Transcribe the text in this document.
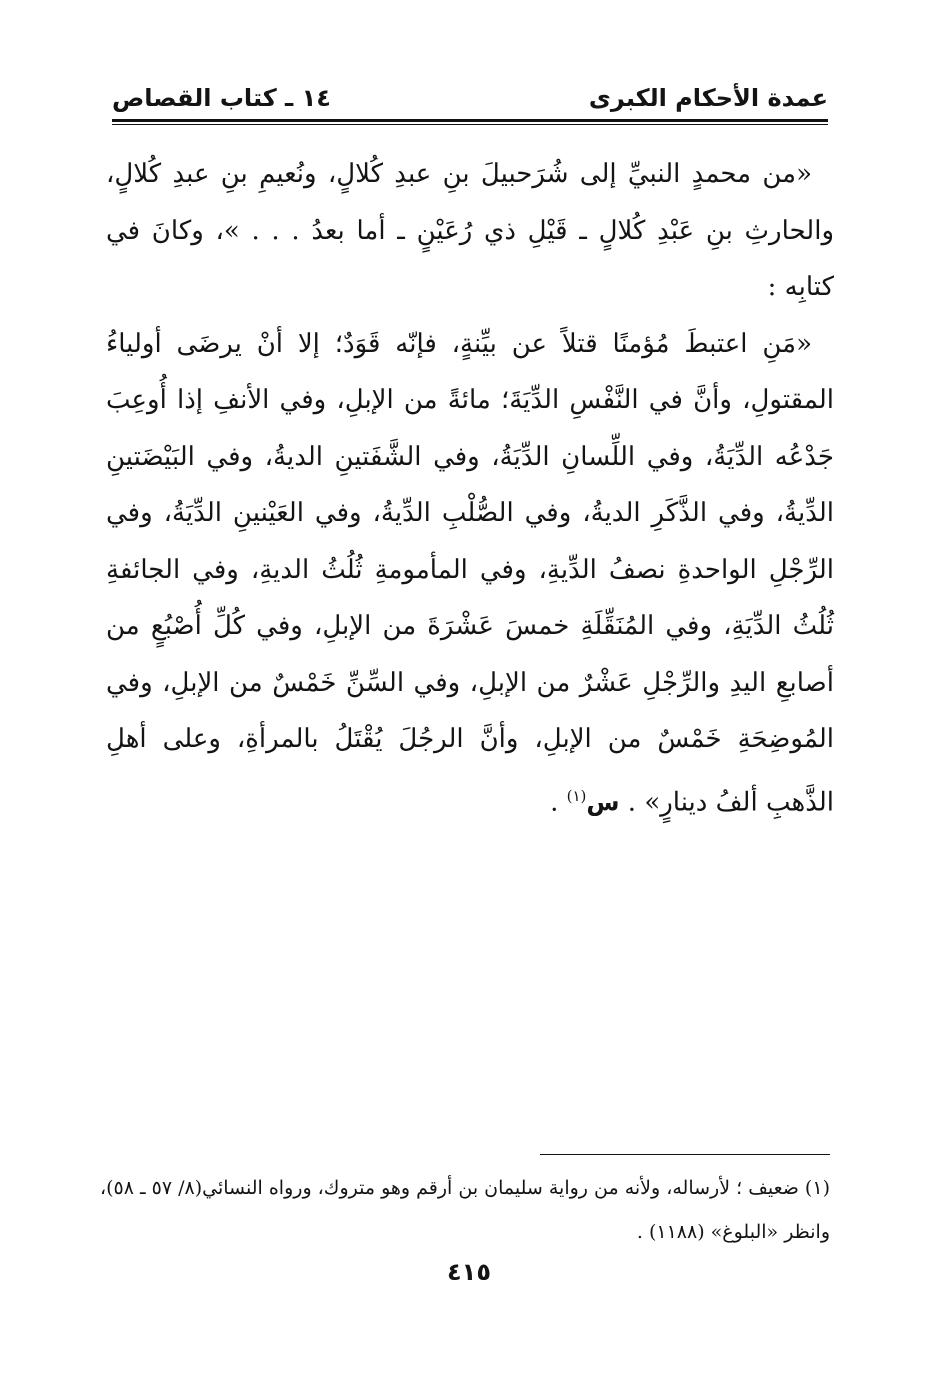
عمدة الأحكام الكبرى
١٤ ـ كتاب القصاص

«من محمدٍ النبيِّ إلى شُرَحبيلَ بنِ عبدِ كُلالٍ، ونُعيمِ بنِ عبدِ كُلالٍ، والحارثِ بنِ عَبْدِ كُلالٍ ـ قَيْلِ ذي رُعَيْنٍ ـ أما بعدُ . . . »، وكانَ في كتابِه :

«مَنِ اعتبطَ مُؤمنًا قتلاً عن بيِّنةٍ، فإنّه قَوَدٌ؛ إلا أنْ يرضَى أولياءُ المقتولِ، وأنَّ في النَّفْسِ الدِّيَةَ؛ مائةً من الإبلِ، وفي الأنفِ إذا أُوعِبَ جَدْعُه الدِّيَةُ، وفي اللِّسانِ الدِّيَةُ، وفي الشَّفَتينِ الديةُ، وفي البَيْضَتينِ الدِّيةُ، وفي الذَّكَرِ الديةُ، وفي الصُّلْبِ الدِّيةُ، وفي العَيْنينِ الدِّيَةُ، وفي الرِّجْلِ الواحدةِ نصفُ الدِّيةِ، وفي المأمومةِ ثُلُثُ الديةِ، وفي الجائفةِ ثُلُثُ الدِّيَةِ، وفي المُنَقِّلَةِ خمسَ عَشْرَةَ من الإبلِ، وفي كُلِّ أُصْبُعٍ من أصابعِ اليدِ والرِّجْلِ عَشْرٌ من الإبلِ، وفي السِّنِّ خَمْسٌ من الإبلِ، وفي المُوضِحَةِ خَمْسٌ من الإبلِ، وأنَّ الرجُلَ يُقْتَلُ بالمرأةِ، وعلى أهلِ الذَّهبِ ألفُ دينارٍ» . س$^{(١)}$ .

(١) ضعيف ؛ لأرساله، ولأنه من رواية سليمان بن أرقم وهو متروك، ورواه النسائي(٨/ ٥٧ ـ ٥٨)، وانظر «البلوغ» (١١٨٨) .
٤١٥
